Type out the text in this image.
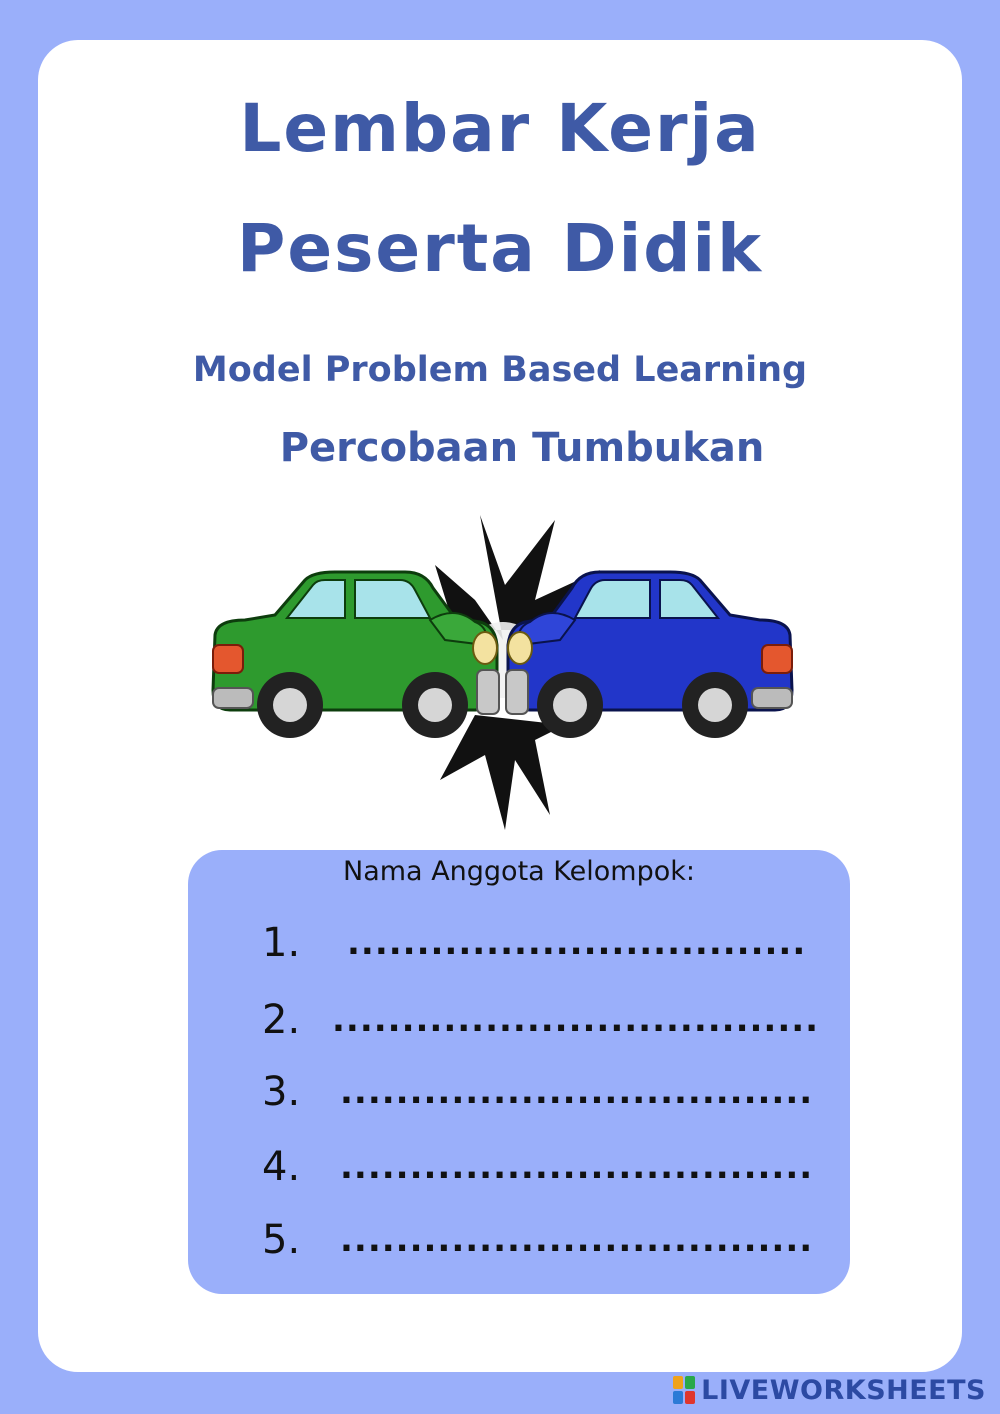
Lembar Kerja
Peserta Didik
Model Problem Based Learning
Percobaan Tumbukan
Nama Anggota Kelompok:
1.	.................................
2. ...................................
3.	..................................
4.	..................................
5.	..................................
LIVEWORKSHEETS
